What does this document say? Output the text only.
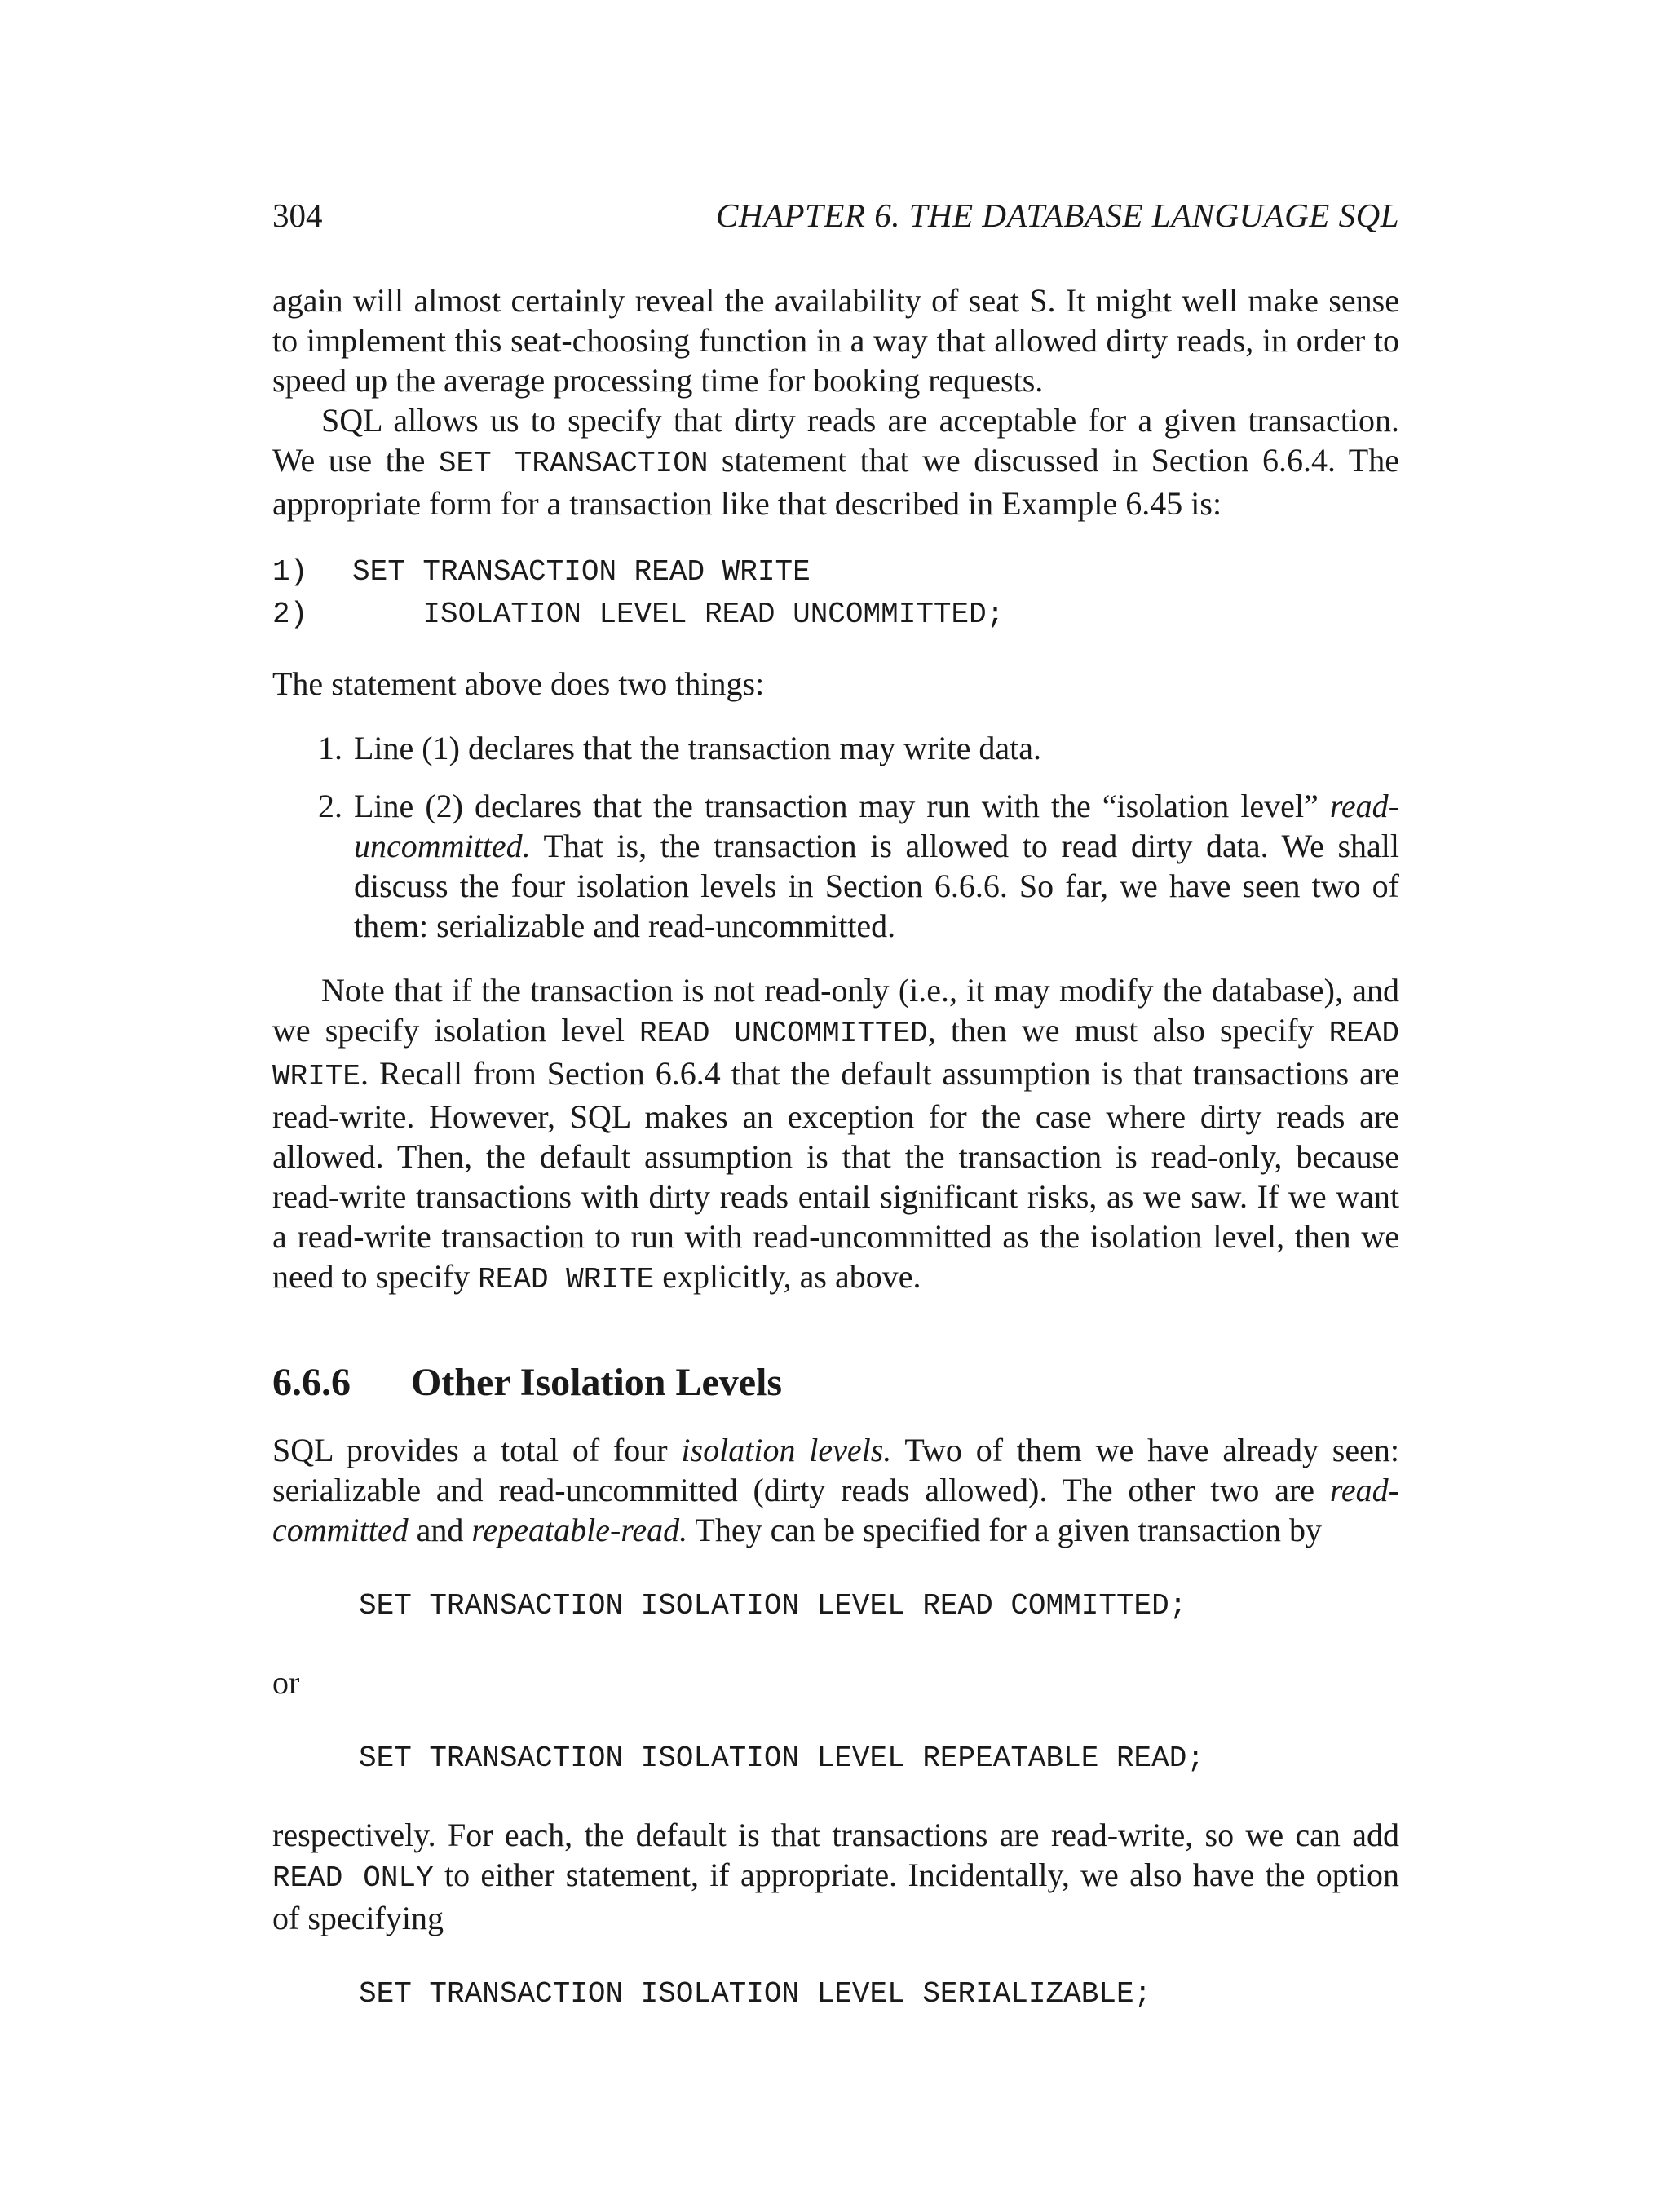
304	CHAPTER 6. THE DATABASE LANGUAGE SQL

again will almost certainly reveal the availability of seat S. It might well make sense to implement this seat-choosing function in a way that allowed dirty reads, in order to speed up the average processing time for booking requests.

SQL allows us to specify that dirty reads are acceptable for a given transaction. We use the SET TRANSACTION statement that we discussed in Section 6.6.4. The appropriate form for a transaction like that described in Example 6.45 is:

1)	SET TRANSACTION READ WRITE
2)	ISOLATION LEVEL READ UNCOMMITTED;

The statement above does two things:

1. Line (1) declares that the transaction may write data.
2. Line (2) declares that the transaction may run with the “isolation level” read-uncommitted. That is, the transaction is allowed to read dirty data. We shall discuss the four isolation levels in Section 6.6.6. So far, we have seen two of them: serializable and read-uncommitted.

Note that if the transaction is not read-only (i.e., it may modify the database), and we specify isolation level READ UNCOMMITTED, then we must also specify READ WRITE. Recall from Section 6.6.4 that the default assumption is that transactions are read-write. However, SQL makes an exception for the case where dirty reads are allowed. Then, the default assumption is that the transaction is read-only, because read-write transactions with dirty reads entail significant risks, as we saw. If we want a read-write transaction to run with read-uncommitted as the isolation level, then we need to specify READ WRITE explicitly, as above.

6.6.6	Other Isolation Levels

SQL provides a total of four isolation levels. Two of them we have already seen: serializable and read-uncommitted (dirty reads allowed). The other two are read-committed and repeatable-read. They can be specified for a given transaction by

SET TRANSACTION ISOLATION LEVEL READ COMMITTED;

or

SET TRANSACTION ISOLATION LEVEL REPEATABLE READ;

respectively. For each, the default is that transactions are read-write, so we can add READ ONLY to either statement, if appropriate. Incidentally, we also have the option of specifying

SET TRANSACTION ISOLATION LEVEL SERIALIZABLE;
